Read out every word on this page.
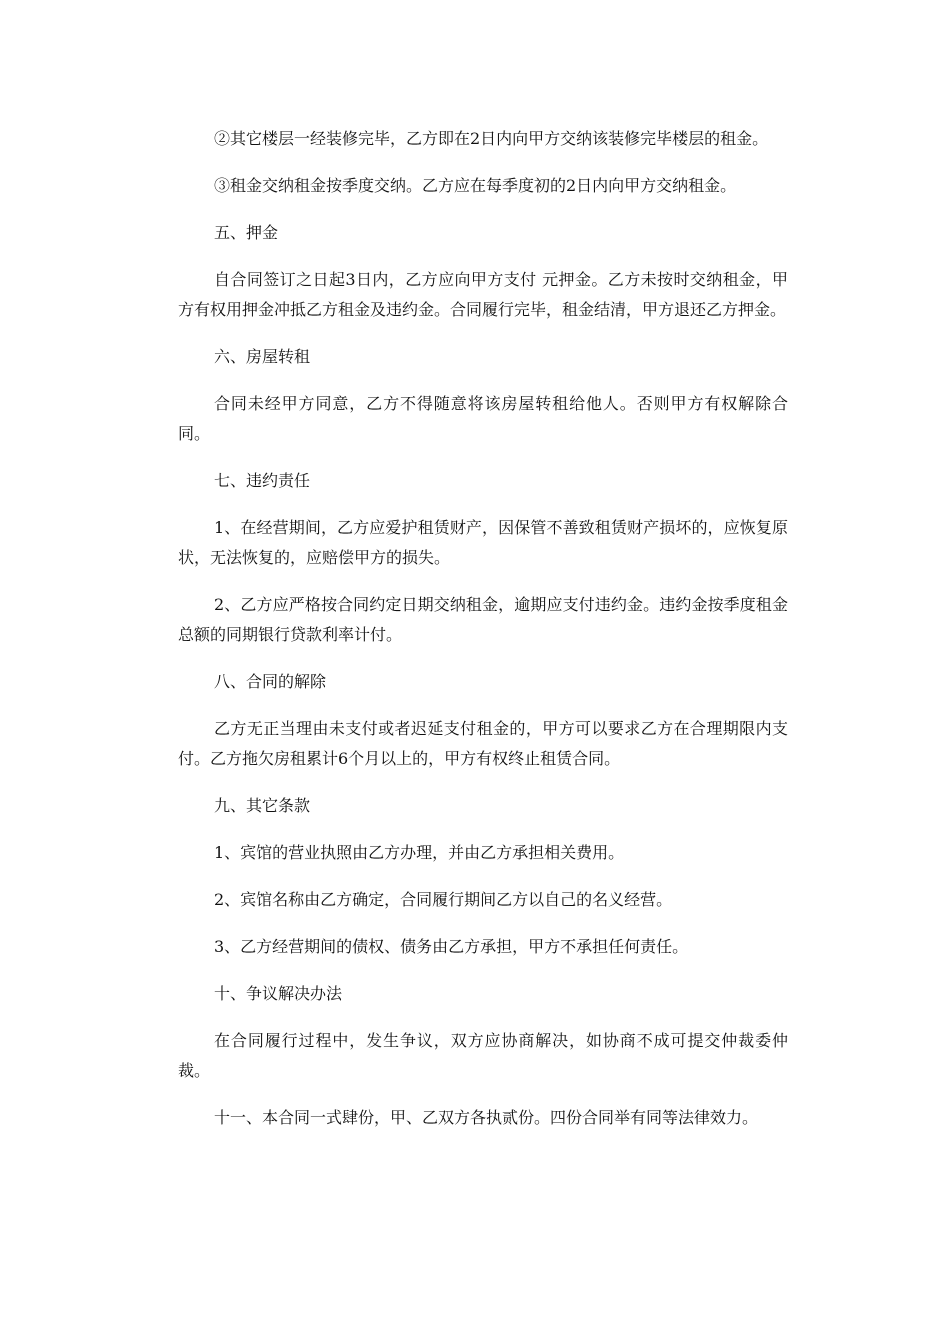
②其它楼层一经装修完毕，乙方即在2日内向甲方交纳该装修完毕楼层的租金。

③租金交纳租金按季度交纳。乙方应在每季度初的2日内向甲方交纳租金。

五、押金

自合同签订之日起3日内，乙方应向甲方支付 元押金。乙方未按时交纳租金，甲方有权用押金冲抵乙方租金及违约金。合同履行完毕，租金结清，甲方退还乙方押金。

六、房屋转租

合同未经甲方同意，乙方不得随意将该房屋转租给他人。否则甲方有权解除合同。

七、违约责任

1、在经营期间，乙方应爱护租赁财产，因保管不善致租赁财产损坏的，应恢复原状，无法恢复的，应赔偿甲方的损失。

2、乙方应严格按合同约定日期交纳租金，逾期应支付违约金。违约金按季度租金总额的同期银行贷款利率计付。

八、合同的解除

乙方无正当理由未支付或者迟延支付租金的，甲方可以要求乙方在合理期限内支付。乙方拖欠房租累计6个月以上的，甲方有权终止租赁合同。

九、其它条款

1、宾馆的营业执照由乙方办理，并由乙方承担相关费用。

2、宾馆名称由乙方确定，合同履行期间乙方以自己的名义经营。

3、乙方经营期间的债权、债务由乙方承担，甲方不承担任何责任。

十、争议解决办法

在合同履行过程中，发生争议，双方应协商解决，如协商不成可提交仲裁委仲裁。

十一、本合同一式肆份，甲、乙双方各执贰份。四份合同举有同等法律效力。
